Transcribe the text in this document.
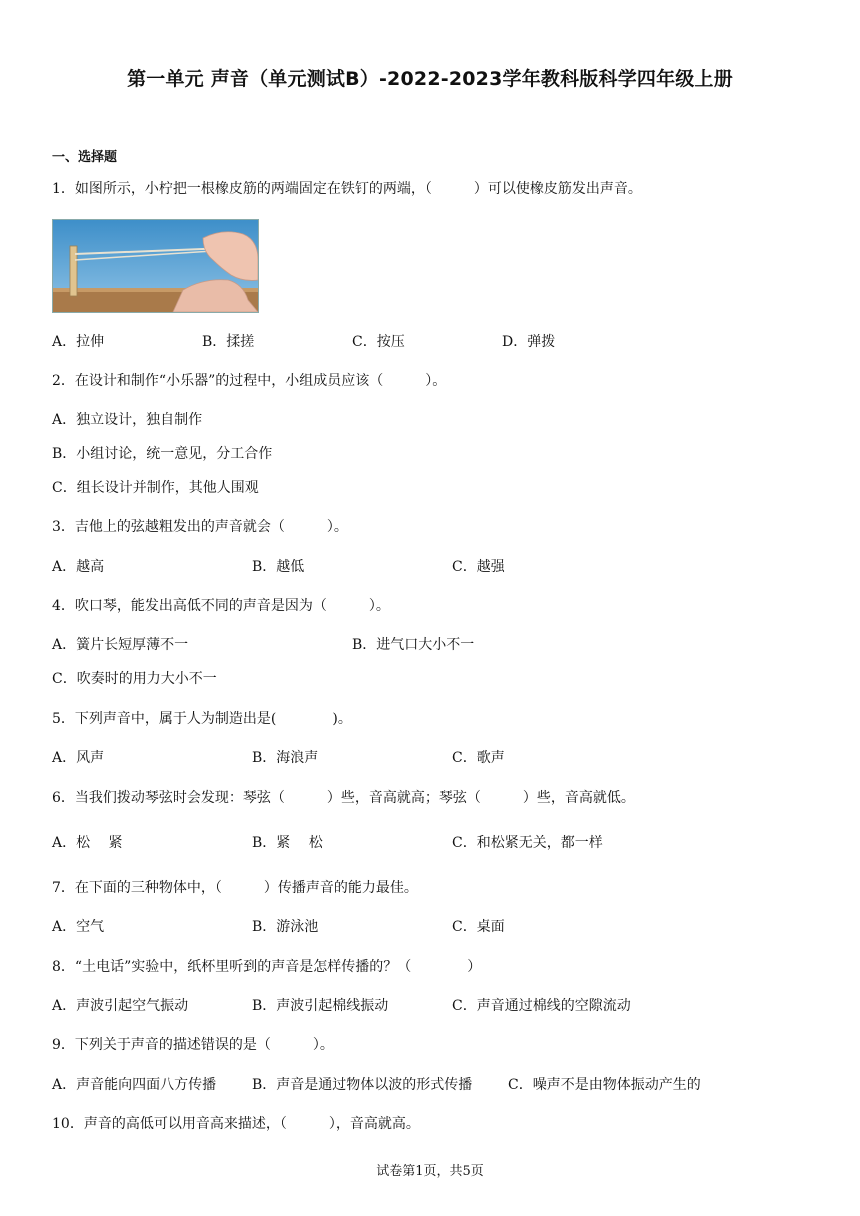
第一单元 声音（单元测试B）-2022-2023学年教科版科学四年级上册
一、选择题
1．如图所示，小柠把一根橡皮筋的两端固定在铁钉的两端，（　　　）可以使橡皮筋发出声音。
A．拉伸	B．揉搓	C．按压	D．弹拨
2．在设计和制作“小乐器”的过程中，小组成员应该（　　　）。
A．独立设计，独自制作
B．小组讨论，统一意见，分工合作
C．组长设计并制作，其他人围观
3．吉他上的弦越粗发出的声音就会（　　　）。
A．越高	B．越低	C．越强
4．吹口琴，能发出高低不同的声音是因为（　　　）。
A．簧片长短厚薄不一	B．进气口大小不一
C．吹奏时的用力大小不一
5．下列声音中，属于人为制造出是(　　　　)。
A．风声	B．海浪声	C．歌声
6．当我们拨动琴弦时会发现：琴弦（　　　）些，音高就高；琴弦（　　　）些，音高就低。
A．松　 紧	B．紧　 松	C．和松紧无关，都一样
7．在下面的三种物体中，（　　　）传播声音的能力最佳。
A．空气	B．游泳池	C．桌面
8．“土电话”实验中，纸杯里听到的声音是怎样传播的？（　　　　）
A．声波引起空气振动	B．声波引起棉线振动	C．声音通过棉线的空隙流动
9．下列关于声音的描述错误的是（　　　）。
A．声音能向四面八方传播	B．声音是通过物体以波的形式传播	C．噪声不是由物体振动产生的
10．声音的高低可以用音高来描述，（　　　），音高就高。
试卷第1页，共5页
